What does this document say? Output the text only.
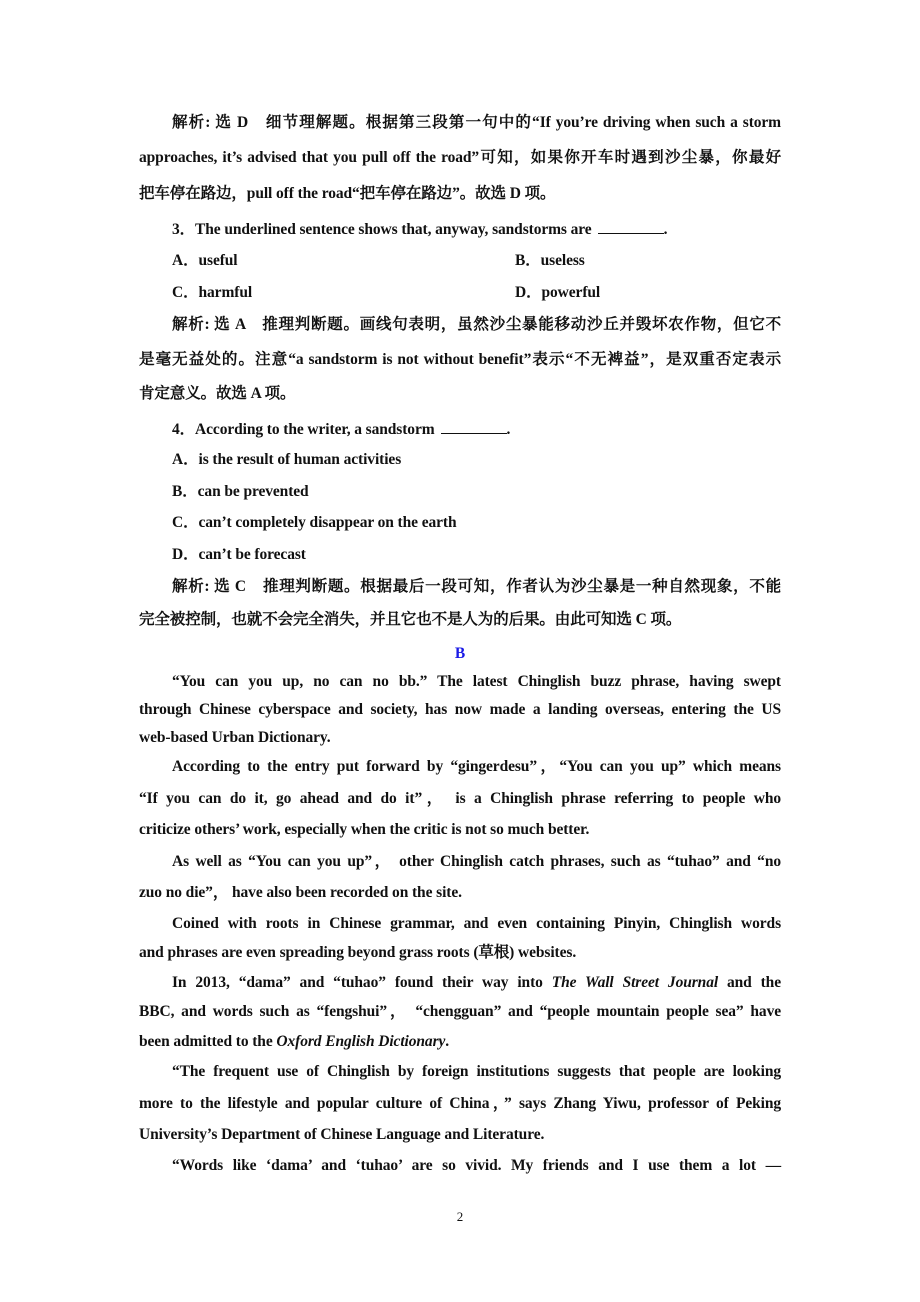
解析: 选 D　细节理解题。根据第三段第一句中的“If you’re driving when such a storm
approaches, it’s advised that you pull off the road”可知，如果你开车时遇到沙尘暴，你最好
把车停在路边，pull off the road“把车停在路边”。故选 D 项。
3．The underlined sentence shows that, anyway, sandstorms are	.
A．useful	B．useless
C．harmful	D．powerful
解析: 选 A　推理判断题。画线句表明，虽然沙尘暴能移动沙丘并毁坏农作物，但它不
是毫无益处的。注意“a sandstorm is not without benefit”表示“不无裨益”，是双重否定表示
肯定意义。故选 A 项。
4．According to the writer, a sandstorm	.
A．is the result of human activities
B．can be prevented
C．can’t completely disappear on the earth
D．can’t be forecast
解析: 选 C　推理判断题。根据最后一段可知，作者认为沙尘暴是一种自然现象，不能
完全被控制，也就不会完全消失，并且它也不是人为的后果。由此可知选 C 项。
B
“You can you up, no can no bb.” The latest Chinglish buzz phrase, having swept
through Chinese cyberspace and society, has now made a landing overseas, entering the US
web-based Urban Dictionary.
According to the entry put forward by “gingerdesu”，“You can you up” which means
“If you can do it, go ahead and do it”， is a Chinglish phrase referring to people who
criticize others’ work, especially when the critic is not so much better.
As well as “You can you up”， other Chinglish catch phrases, such as “tuhao” and “no
zuo no die”， have also been recorded on the site.
Coined with roots in Chinese grammar, and even containing Pinyin, Chinglish words
and phrases are even spreading beyond grass roots (草根) websites.
In 2013, “dama” and “tuhao” found their way into The Wall Street Journal and the
BBC, and words such as “fengshui”， “chengguan” and “people mountain people sea” have
been admitted to the Oxford English Dictionary.
“The frequent use of Chinglish by foreign institutions suggests that people are looking
more to the lifestyle and popular culture of China，” says Zhang Yiwu, professor of Peking
University’s Department of Chinese Language and Literature.
“Words like ‘dama’ and ‘tuhao’ are so vivid. My friends and I use them a lot —
2
